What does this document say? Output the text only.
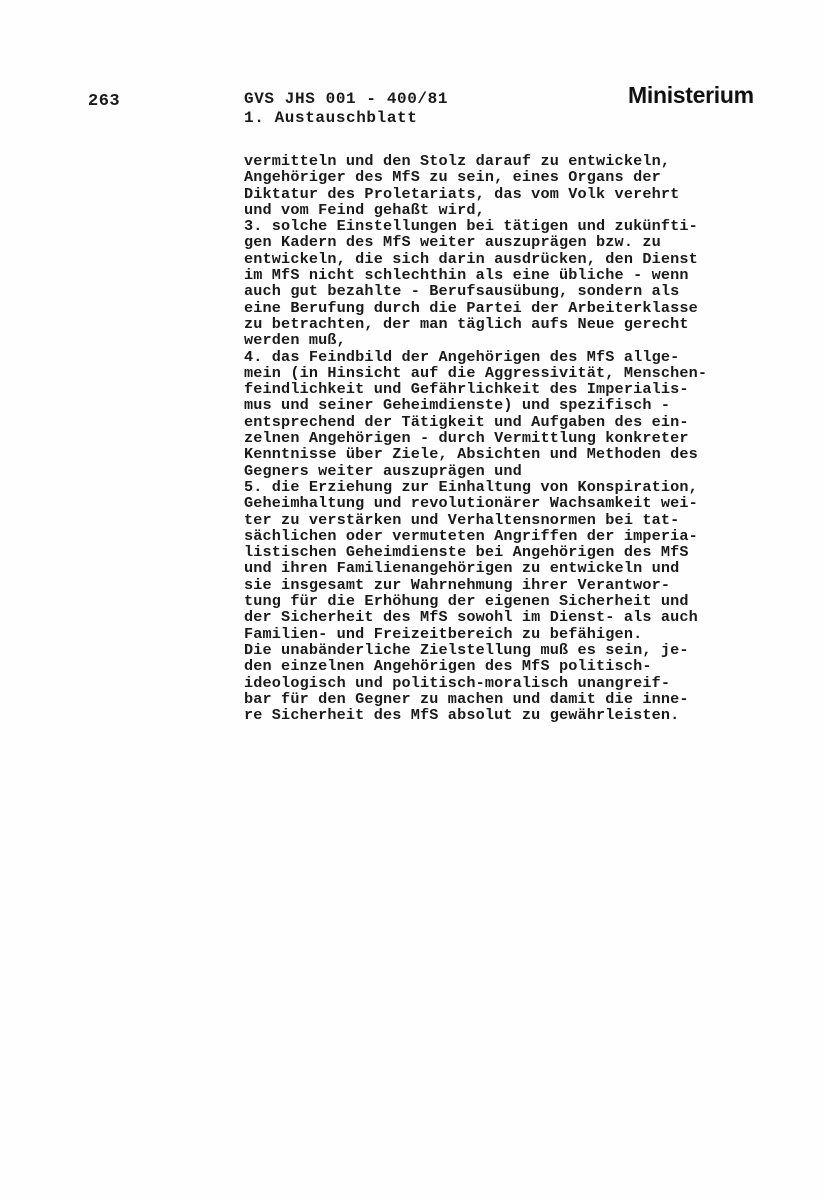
263	GVS JHS 001 - 400/81
1. Austauschblatt
Ministerium
vermitteln und den Stolz darauf zu entwickeln,
Angehöriger des MfS zu sein, eines Organs der
Diktatur des Proletariats, das vom Volk verehrt
und vom Feind gehaßt wird,
3. solche Einstellungen bei tätigen und zukünfti-
gen Kadern des MfS weiter auszuprägen bzw. zu
entwickeln, die sich darin ausdrücken, den Dienst
im MfS nicht schlechthin als eine übliche - wenn
auch gut bezahlte - Berufsausübung, sondern als
eine Berufung durch die Partei der Arbeiterklasse
zu betrachten, der man täglich aufs Neue gerecht
werden muß,
4. das Feindbild der Angehörigen des MfS allge-
mein (in Hinsicht auf die Aggressivität, Menschen-
feindlichkeit und Gefährlichkeit des Imperialis-
mus und seiner Geheimdienste) und spezifisch -
entsprechend der Tätigkeit und Aufgaben des ein-
zelnen Angehörigen - durch Vermittlung konkreter
Kenntnisse über Ziele, Absichten und Methoden des
Gegners weiter auszuprägen und
5. die Erziehung zur Einhaltung von Konspiration,
Geheimhaltung und revolutionärer Wachsamkeit wei-
ter zu verstärken und Verhaltensnormen bei tat-
sächlichen oder vermuteten Angriffen der imperia-
listischen Geheimdienste bei Angehörigen des MfS
und ihren Familienangehörigen zu entwickeln und
sie insgesamt zur Wahrnehmung ihrer Verantwor-
tung für die Erhöhung der eigenen Sicherheit und
der Sicherheit des MfS sowohl im Dienst- als auch
Familien- und Freizeitbereich zu befähigen.
Die unabänderliche Zielstellung muß es sein, je-
den einzelnen Angehörigen des MfS politisch-
ideologisch und politisch-moralisch unangreif-
bar für den Gegner zu machen und damit die inne-
re Sicherheit des MfS absolut zu gewährleisten.
